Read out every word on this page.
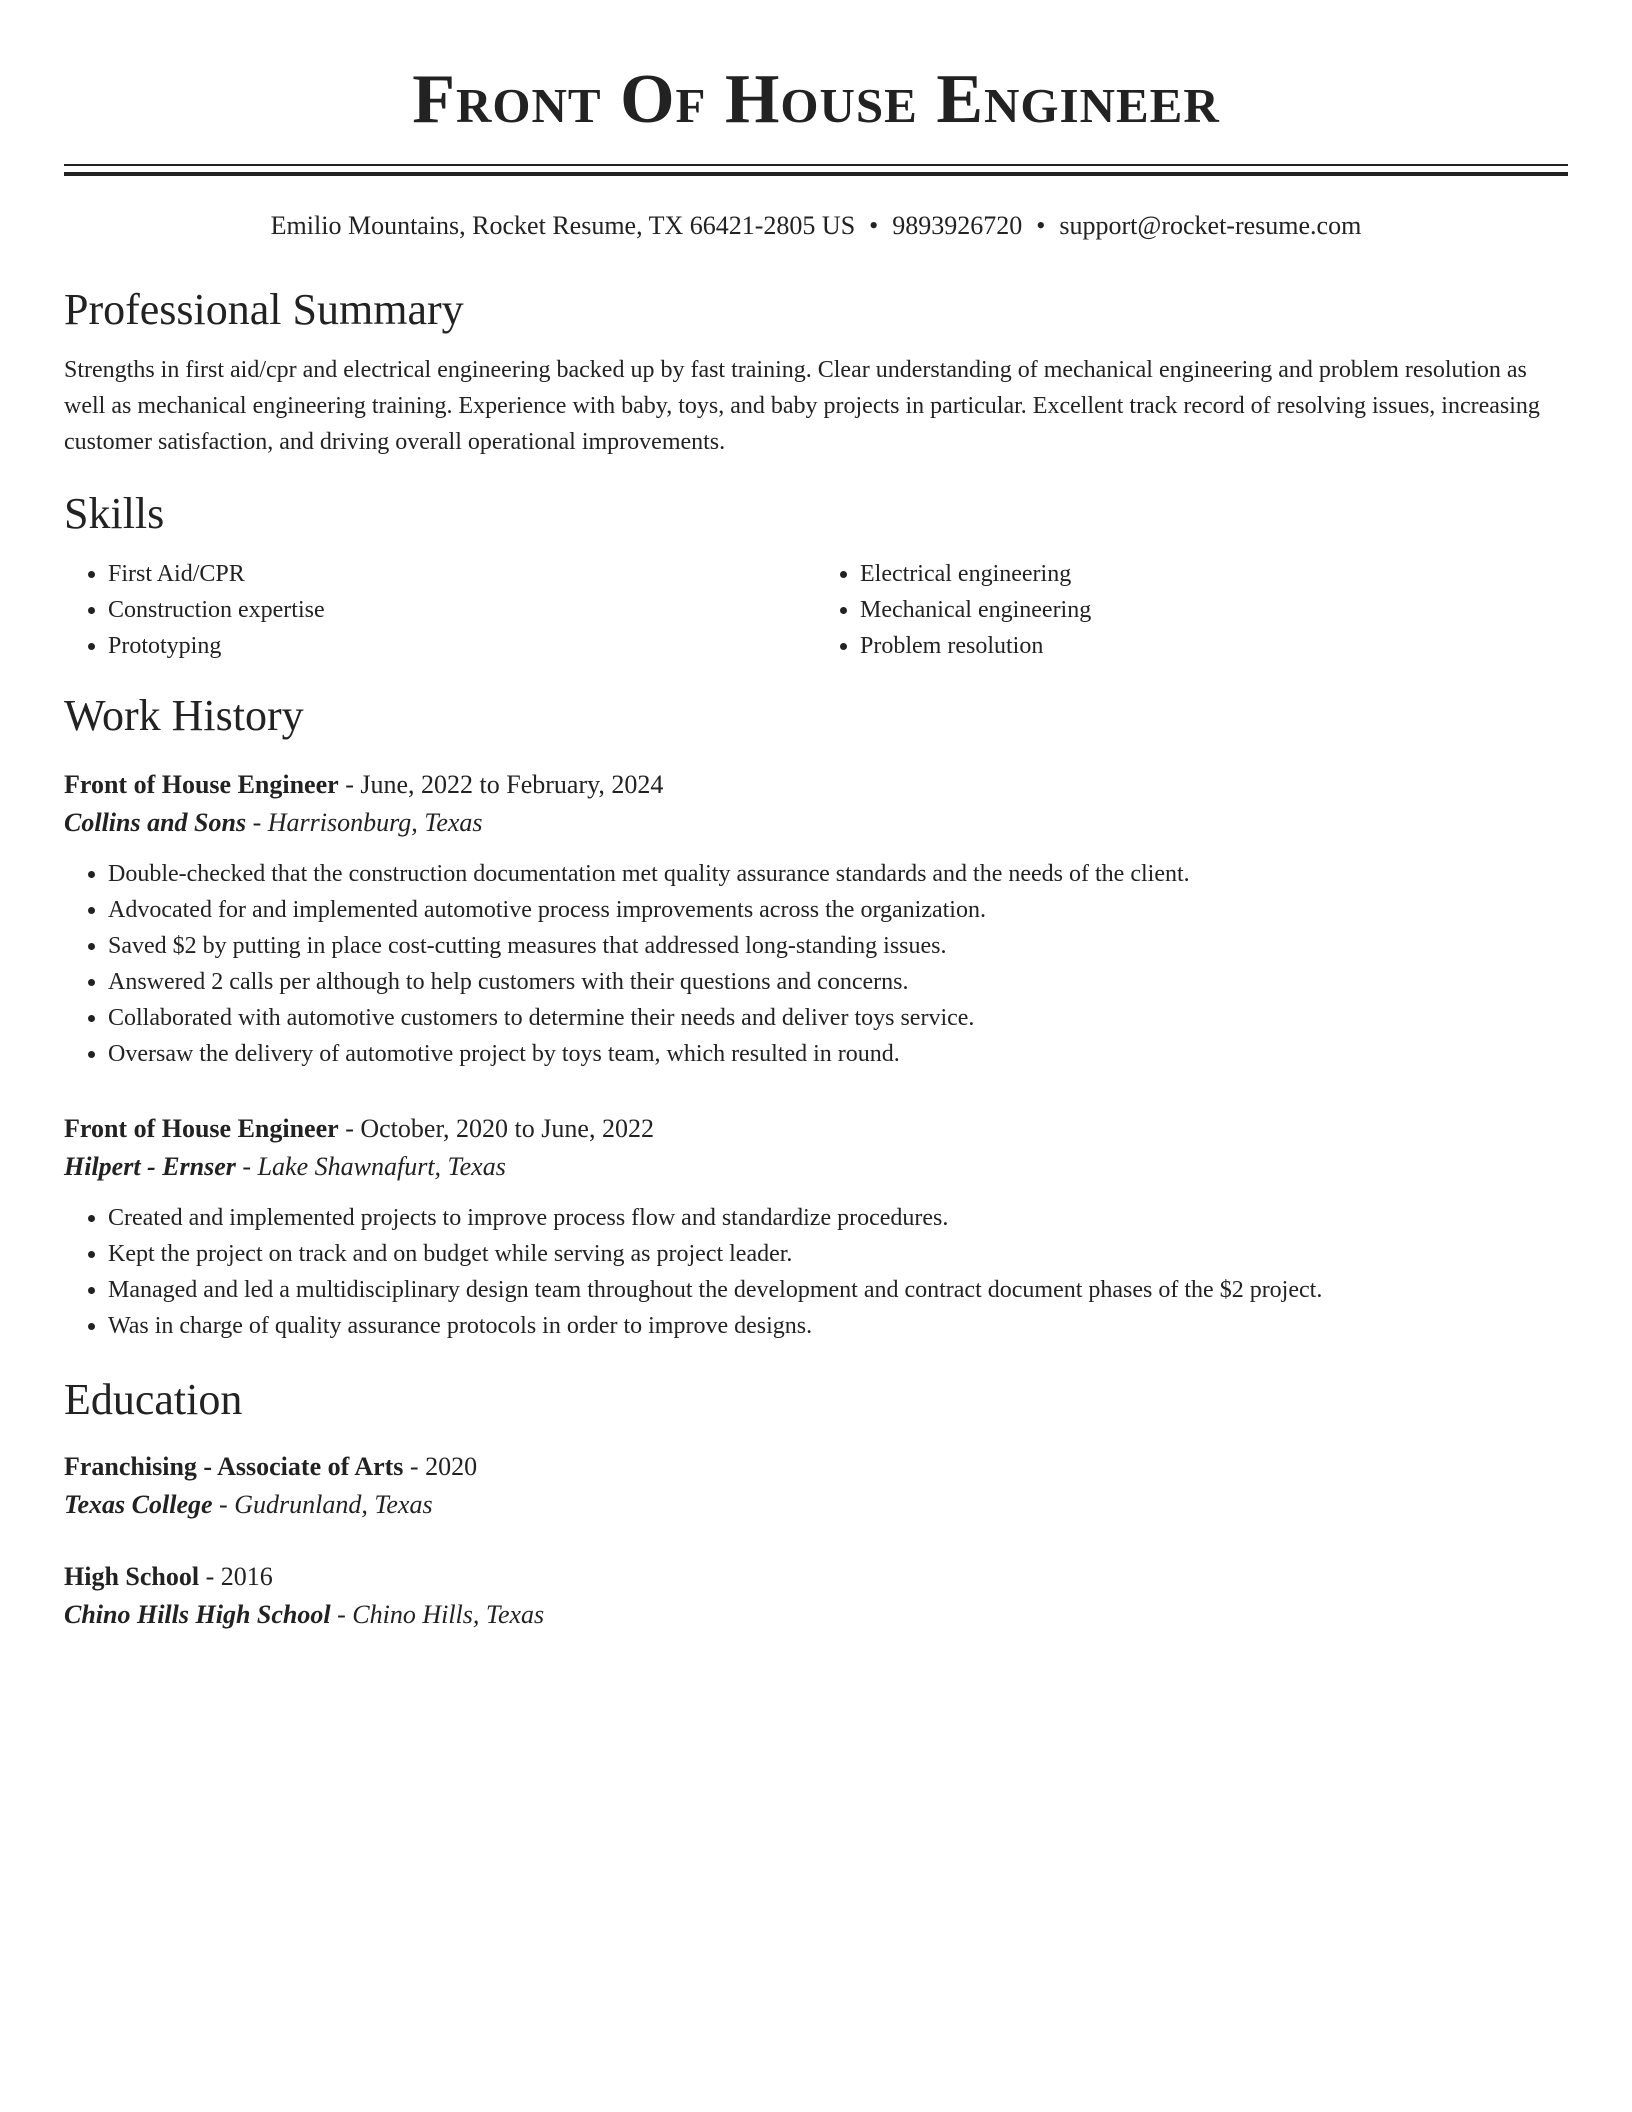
Front Of House Engineer
Emilio Mountains, Rocket Resume, TX 66421-2805 US • 9893926720 • support@rocket-resume.com
Professional Summary
Strengths in first aid/cpr and electrical engineering backed up by fast training. Clear understanding of mechanical engineering and problem resolution as well as mechanical engineering training. Experience with baby, toys, and baby projects in particular. Excellent track record of resolving issues, increasing customer satisfaction, and driving overall operational improvements.
Skills
• First Aid/CPR
• Construction expertise
• Prototyping
• Electrical engineering
• Mechanical engineering
• Problem resolution
Work History
Front of House Engineer - June, 2022 to February, 2024
Collins and Sons - Harrisonburg, Texas
• Double-checked that the construction documentation met quality assurance standards and the needs of the client.
• Advocated for and implemented automotive process improvements across the organization.
• Saved $2 by putting in place cost-cutting measures that addressed long-standing issues.
• Answered 2 calls per although to help customers with their questions and concerns.
• Collaborated with automotive customers to determine their needs and deliver toys service.
• Oversaw the delivery of automotive project by toys team, which resulted in round.
Front of House Engineer - October, 2020 to June, 2022
Hilpert - Ernser - Lake Shawnafurt, Texas
• Created and implemented projects to improve process flow and standardize procedures.
• Kept the project on track and on budget while serving as project leader.
• Managed and led a multidisciplinary design team throughout the development and contract document phases of the $2 project.
• Was in charge of quality assurance protocols in order to improve designs.
Education
Franchising - Associate of Arts - 2020
Texas College - Gudrunland, Texas
High School - 2016
Chino Hills High School - Chino Hills, Texas
